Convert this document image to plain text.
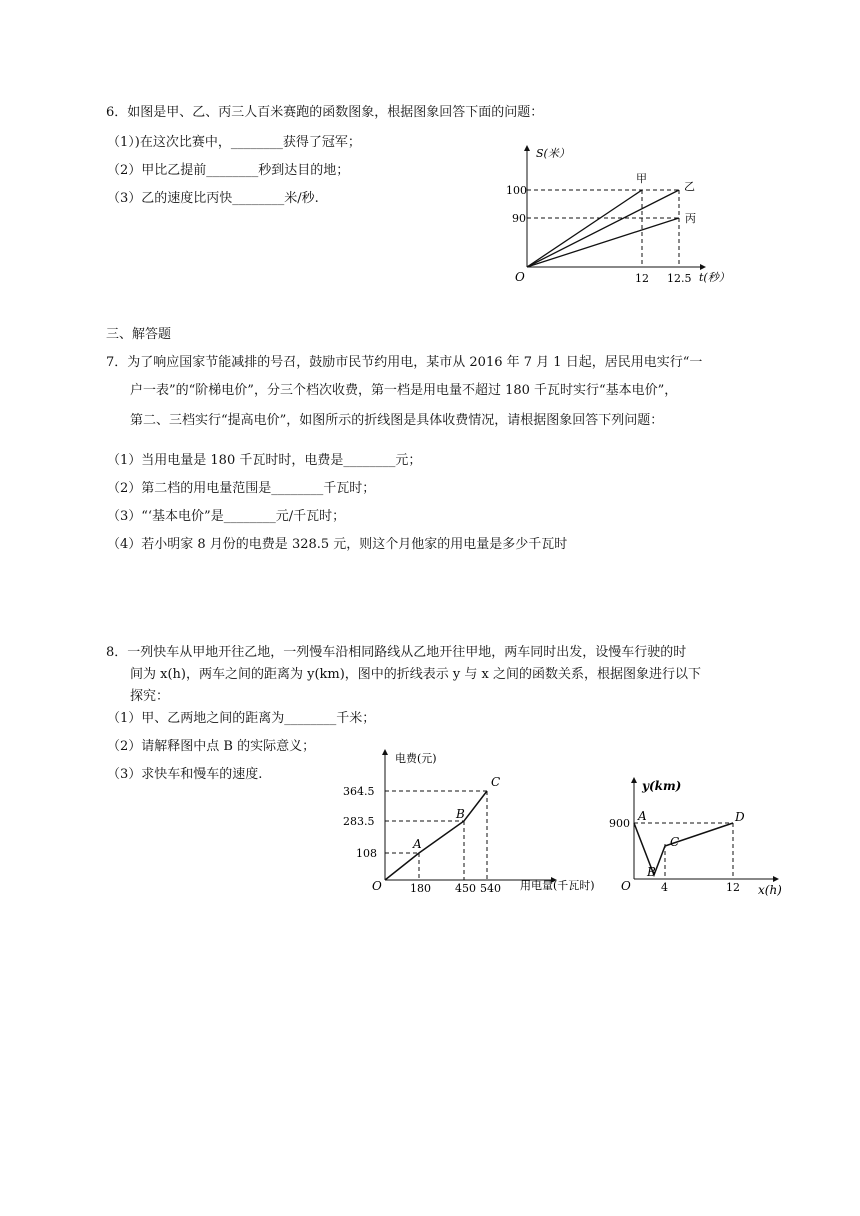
6．如图是甲、乙、丙三人百米赛跑的函数图象，根据图象回答下面的问题：
（1）)在这次比赛中，________获得了冠军；
（2）甲比乙提前________秒到达目的地；
（3）乙的速度比丙快________米/秒.
S(米）
t(秒）
O
100
90
12 12.5
甲
乙
丙
三、解答题
7．为了响应国家节能减排的号召，鼓励市民节约用电，某市从 2016 年 7 月 1 日起，居民用电实行“一
户一表”的“阶梯电价”，分三个档次收费，第一档是用电量不超过 180 千瓦时实行“基本电价”，
第二、三档实行“提高电价”，如图所示的折线图是具体收费情况，请根据图象回答下列问题：
（1）当用电量是 180 千瓦时时，电费是________元；
（2）第二档的用电量范围是________千瓦时；
（3）“‘基本电价”是________元/千瓦时；
（4）若小明家 8 月份的电费是 328.5 元，则这个月他家的用电量是多少千瓦时
8．一列快车从甲地开往乙地，一列慢车沿相同路线从乙地开往甲地，两车同时出发，设慢车行驶的时
间为 x(h)，两车之间的距离为 y(km)，图中的折线表示 y 与 x 之间的函数关系，根据图象进行以下
探究：
（1）甲、乙两地之间的距离为________千米；
（2）请解释图中点 B 的实际意义；
（3）求快车和慢车的速度.
电费(元)
用电量(千瓦时)
O
364.5
283.5
108
180 450 540
A
B
C	y(km)
x(h)
O
900
4	12
A
B
C
D
